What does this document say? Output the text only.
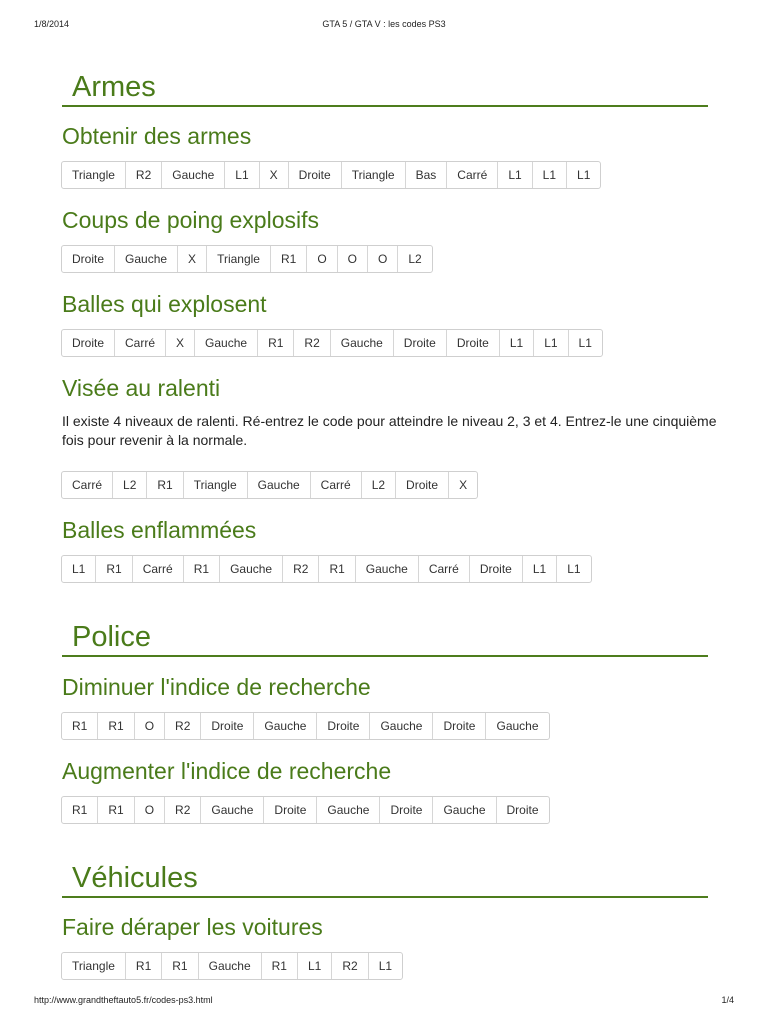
1/8/2014	GTA 5 / GTA V : les codes PS3
Armes
Obtenir des armes
Triangle	R2	Gauche	L1	X	Droite	Triangle	Bas	Carré	L1	L1	L1
Coups de poing explosifs
Droite	Gauche	X	Triangle	R1	O	O	O	L2
Balles qui explosent
Droite	Carré	X	Gauche	R1	R2	Gauche	Droite	Droite	L1	L1	L1
Visée au ralenti
Il existe 4 niveaux de ralenti. Ré-entrez le code pour atteindre le niveau 2, 3 et 4. Entrez-le une cinquième fois pour revenir à la normale.
Carré	L2	R1	Triangle	Gauche	Carré	L2	Droite	X
Balles enflammées
L1	R1	Carré	R1	Gauche	R2	R1	Gauche	Carré	Droite	L1	L1
Police
Diminuer l'indice de recherche
R1	R1	O	R2	Droite	Gauche	Droite	Gauche	Droite	Gauche
Augmenter l'indice de recherche
R1	R1	O	R2	Gauche	Droite	Gauche	Droite	Gauche	Droite
Véhicules
Faire déraper les voitures
Triangle	R1	R1	Gauche	R1	L1	R2	L1
http://www.grandtheftauto5.fr/codes-ps3.html	1/4
